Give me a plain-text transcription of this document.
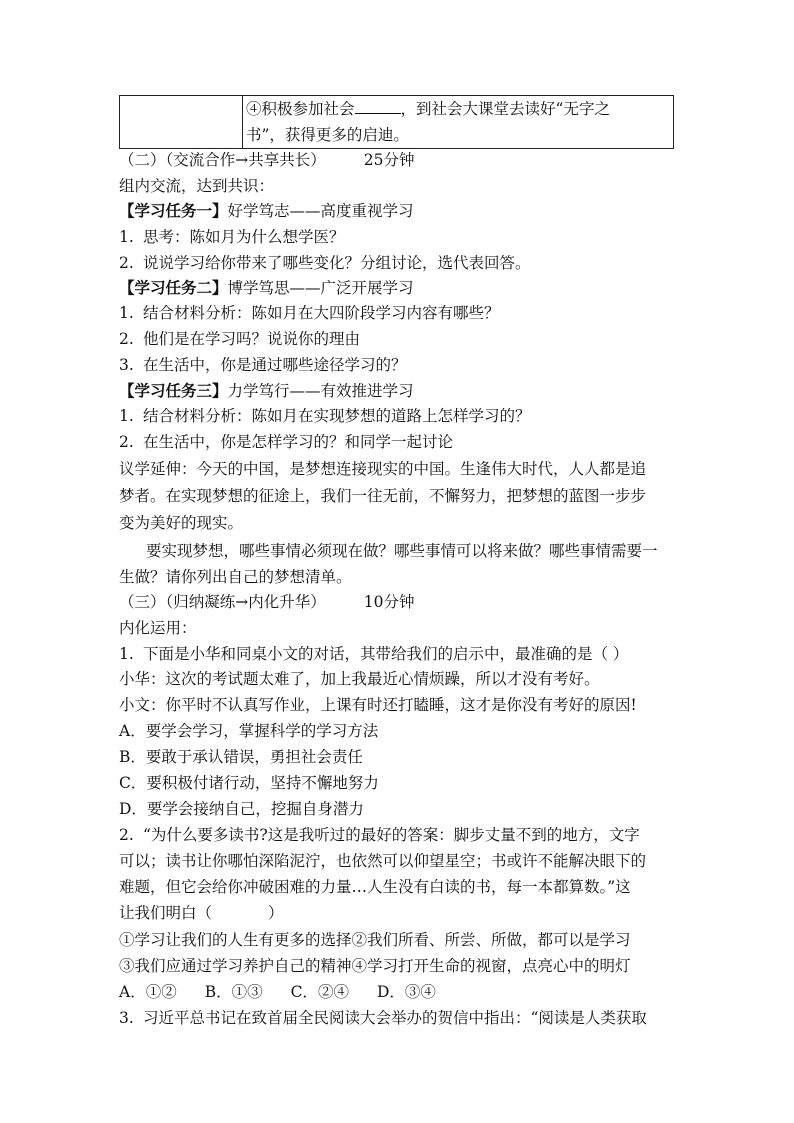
	④积极参加社会	，到社会大课堂去读好“无字之
书”，获得更多的启迪。
（二）（交流合作→共享共长） 25分钟
组内交流，达到共识：
【学习任务一】好学笃志——高度重视学习
1. 思考：陈如月为什么想学医？
2. 说说学习给你带来了哪些变化？分组讨论，选代表回答。
【学习任务二】博学笃思——广泛开展学习
1. 结合材料分析：陈如月在大四阶段学习内容有哪些？
2. 他们是在学习吗？说说你的理由
3. 在生活中，你是通过哪些途径学习的？
【学习任务三】力学笃行——有效推进学习
1. 结合材料分析：陈如月在实现梦想的道路上怎样学习的？
2. 在生活中，你是怎样学习的？和同学一起讨论
议学延伸：今天的中国，是梦想连接现实的中国。生逢伟大时代，人人都是追
梦者。在实现梦想的征途上，我们一往无前，不懈努力，把梦想的蓝图一步步
变为美好的现实。
要实现梦想，哪些事情必须现在做？哪些事情可以将来做？哪些事情需要一
生做？请你列出自己的梦想清单。
（三）（归纳凝练→内化升华） 10分钟
内化运用：
1. 下面是小华和同桌小文的对话，其带给我们的启示中，最准确的是（ ）
小华：这次的考试题太难了，加上我最近心情烦躁，所以才没有考好。
小文：你平时不认真写作业，上课有时还打瞌睡，这才是你没有考好的原因!
A．要学会学习，掌握科学的学习方法
B．要敢于承认错误，勇担社会责任
C．要积极付诸行动，坚持不懈地努力
D．要学会接纳自己，挖掘自身潜力
2. “为什么要多读书?这是我听过的最好的答案：脚步丈量不到的地方，文字
可以；读书让你哪怕深陷泥泞，也依然可以仰望星空；书或许不能解决眼下的
难题，但它会给你冲破困难的力量…人生没有白读的书，每一本都算数。”这
让我们明白（	）
①学习让我们的人生有更多的选择②我们所看、所尝、所做，都可以是学习
③我们应通过学习养护自己的精神④学习打开生命的视窗，点亮心中的明灯
A．①② B．①③ C．②④ D．③④
3. 习近平总书记在致首届全民阅读大会举办的贺信中指出：“阅读是人类获取
